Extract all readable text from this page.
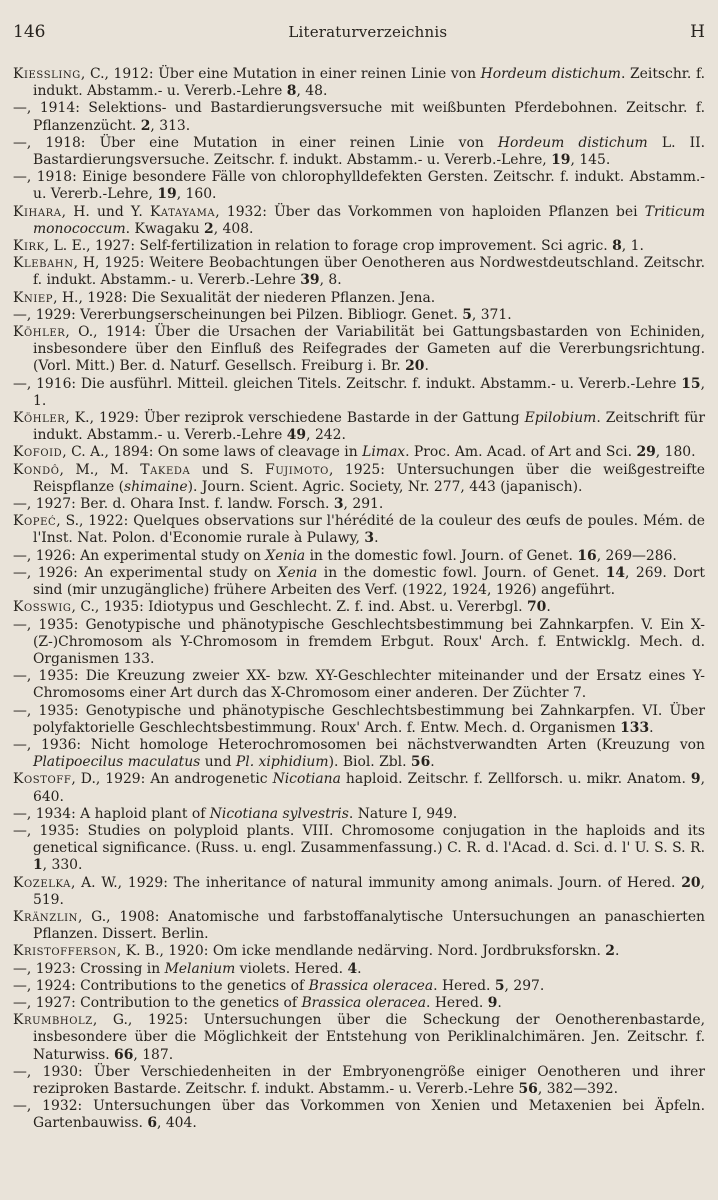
146	Literaturverzeichnis	H

Kiessling, C., 1912: Über eine Mutation in einer reinen Linie von Hordeum distichum. Zeitschr. f. indukt. Abstamm.- u. Vererb.-Lehre 8, 48.

—, 1914: Selektions- und Bastardierungsversuche mit weißbunten Pferdebohnen. Zeitschr. f. Pflanzenzücht. 2, 313.

—, 1918: Über eine Mutation in einer reinen Linie von Hordeum distichum L. II. Bastardierungsversuche. Zeitschr. f. indukt. Abstamm.- u. Vererb.-Lehre, 19, 145.

—, 1918: Einige besondere Fälle von chlorophylldefekten Gersten. Zeitschr. f. indukt. Abstamm.- u. Vererb.-Lehre, 19, 160.

Kihara, H. und Y. Katayama, 1932: Über das Vorkommen von haploiden Pflanzen bei Triticum monococcum. Kwagaku 2, 408.

Kirk, L. E., 1927: Self-fertilization in relation to forage crop improvement. Sci agric. 8, 1.

Klebahn, H, 1925: Weitere Beobachtungen über Oenotheren aus Nordwestdeutschland. Zeitschr. f. indukt. Abstamm.- u. Vererb.-Lehre 39, 8.

Kniep, H., 1928: Die Sexualität der niederen Pflanzen. Jena.

—, 1929: Vererbungserscheinungen bei Pilzen. Bibliogr. Genet. 5, 371.

Köhler, O., 1914: Über die Ursachen der Variabilität bei Gattungsbastarden von Echiniden, insbesondere über den Einfluß des Reifegrades der Gameten auf die Vererbungsrichtung. (Vorl. Mitt.) Ber. d. Naturf. Gesellsch. Freiburg i. Br. 20.

—, 1916: Die ausführl. Mitteil. gleichen Titels. Zeitschr. f. indukt. Abstamm.- u. Vererb.-Lehre 15, 1.

Köhler, K., 1929: Über reziprok verschiedene Bastarde in der Gattung Epilobium. Zeitschrift für indukt. Abstamm.- u. Vererb.-Lehre 49, 242.

Kofoid, C. A., 1894: On some laws of cleavage in Limax. Proc. Am. Acad. of Art and Sci. 29, 180.

Kondô, M., M. Takeda und S. Fujimoto, 1925: Untersuchungen über die weißgestreifte Reispflanze (shimaine). Journ. Scient. Agric. Society, Nr. 277, 443 (japanisch).

—, 1927: Ber. d. Ohara Inst. f. landw. Forsch. 3, 291.

Kopeć, S., 1922: Quelques observations sur l'hérédité de la couleur des œufs de poules. Mém. de l'Inst. Nat. Polon. d'Economie rurale à Pulawy, 3.

—, 1926: An experimental study on Xenia in the domestic fowl. Journ. of Genet. 16, 269—286.

—, 1926: An experimental study on Xenia in the domestic fowl. Journ. of Genet. 14, 269. Dort sind (mir unzugängliche) frühere Arbeiten des Verf. (1922, 1924, 1926) angeführt.

Kosswig, C., 1935: Idiotypus und Geschlecht. Z. f. ind. Abst. u. Vererbgl. 70.

—, 1935: Genotypische und phänotypische Geschlechtsbestimmung bei Zahnkarpfen. V. Ein X-(Z-)Chromosom als Y-Chromosom in fremdem Erbgut. Roux' Arch. f. Entwicklg. Mech. d. Organismen 133.

—, 1935: Die Kreuzung zweier XX- bzw. XY-Geschlechter miteinander und der Ersatz eines Y-Chromosoms einer Art durch das X-Chromosom einer anderen. Der Züchter 7.

—, 1935: Genotypische und phänotypische Geschlechtsbestimmung bei Zahnkarpfen. VI. Über polyfaktorielle Geschlechtsbestimmung. Roux' Arch. f. Entw. Mech. d. Organismen 133.

—, 1936: Nicht homologe Heterochromosomen bei nächstverwandten Arten (Kreuzung von Platipoecilus maculatus und Pl. xiphidium). Biol. Zbl. 56.

Kostoff, D., 1929: An androgenetic Nicotiana haploid. Zeitschr. f. Zellforsch. u. mikr. Anatom. 9, 640.

—, 1934: A haploid plant of Nicotiana sylvestris. Nature I, 949.

—, 1935: Studies on polyploid plants. VIII. Chromosome conjugation in the haploids and its genetical significance. (Russ. u. engl. Zusammenfassung.) C. R. d. l'Acad. d. Sci. d. l' U. S. S. R. 1, 330.

Kozelka, A. W., 1929: The inheritance of natural immunity among animals. Journ. of Hered. 20, 519.

Kränzlin, G., 1908: Anatomische und farbstoffanalytische Untersuchungen an panaschierten Pflanzen. Dissert. Berlin.

Kristofferson, K. B., 1920: Om icke mendlande nedärving. Nord. Jordbruksforskn. 2.

—, 1923: Crossing in Melanium violets. Hered. 4.

—, 1924: Contributions to the genetics of Brassica oleracea. Hered. 5, 297.

—, 1927: Contribution to the genetics of Brassica oleracea. Hered. 9.

Krumbholz, G., 1925: Untersuchungen über die Scheckung der Oenotherenbastarde, insbesondere über die Möglichkeit der Entstehung von Periklinalchimären. Jen. Zeitschr. f. Naturwiss. 66, 187.

—, 1930: Über Verschiedenheiten in der Embryonengröße einiger Oenotheren und ihrer reziproken Bastarde. Zeitschr. f. indukt. Abstamm.- u. Vererb.-Lehre 56, 382—392.

—, 1932: Untersuchungen über das Vorkommen von Xenien und Metaxenien bei Äpfeln. Gartenbauwiss. 6, 404.
